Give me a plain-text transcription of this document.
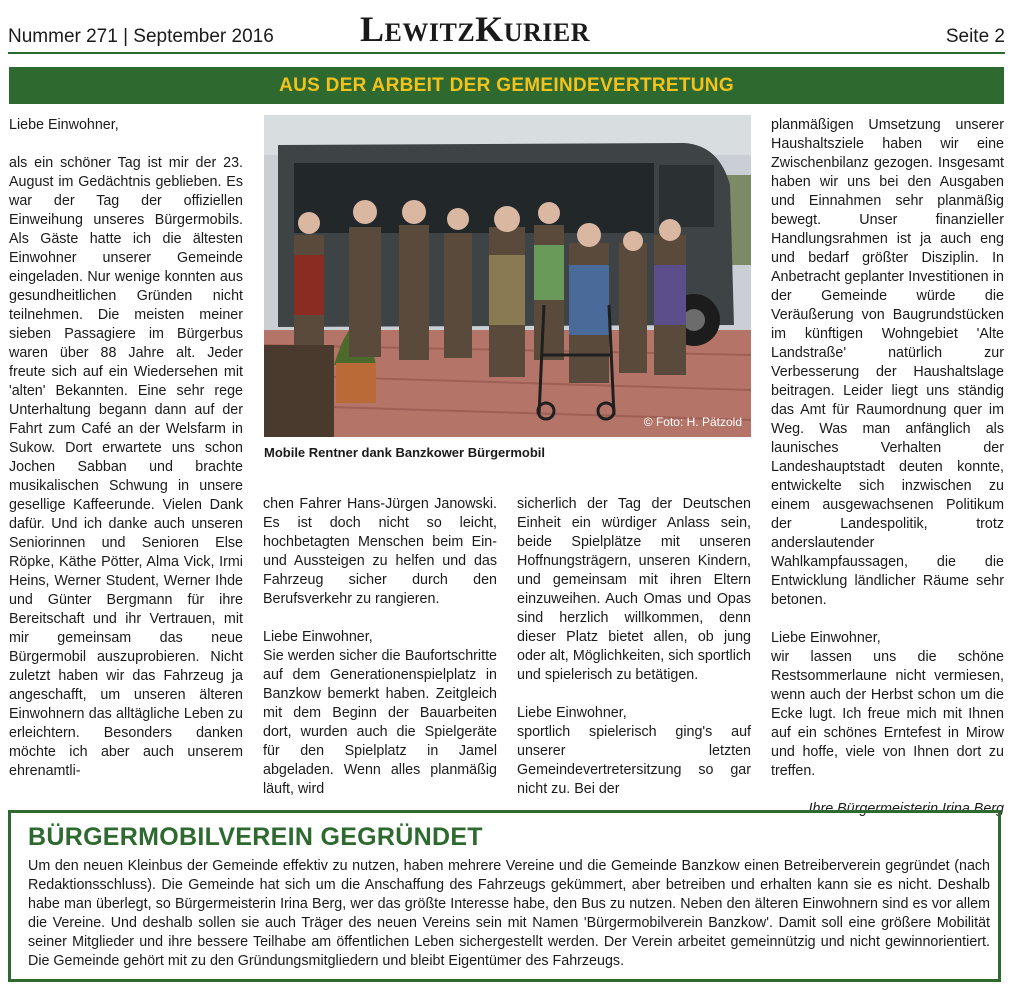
Nummer 271 | September 2016 LEWITZKURIER	Seite 2
AUS DER ARBEIT DER GEMEINDEVERTRETUNG

Liebe Einwohner,

als ein schöner Tag ist mir der 23. August im Gedächtnis geblieben. Es war der Tag der offiziellen Einweihung unseres Bürgermobils. Als Gäste hatte ich die ältesten Einwohner unserer Gemeinde eingeladen. Nur wenige konnten aus gesundheitlichen Gründen nicht teilnehmen. Die meisten meiner sieben Passagiere im Bürgerbus waren über 88 Jahre alt. Jeder freute sich auf ein Wiedersehen mit 'alten' Bekannten. Eine sehr rege Unterhaltung begann dann auf der Fahrt zum Café an der Welsfarm in Sukow. Dort erwartete uns schon Jochen Sabban und brachte musikalischen Schwung in unsere gesellige Kaffeerunde. Vielen Dank dafür. Und ich danke auch unseren Seniorinnen und Senioren Else Röpke, Käthe Pötter, Alma Vick, Irmi Heins, Werner Student, Werner Ihde und Günter Bergmann für ihre Bereitschaft und ihr Vertrauen, mit mir gemeinsam das neue Bürgermobil auszuprobieren. Nicht zuletzt haben wir das Fahrzeug ja angeschafft, um unseren älteren Einwohnern das alltägliche Leben zu erleichtern. Besonders danken möchte ich aber auch unserem ehrenamtli-

© Foto: H. Pätzold
Mobile Rentner dank Banzkower Bürgermobil

chen Fahrer Hans-Jürgen Janowski. Es ist doch nicht so leicht, hochbetagten Menschen beim Ein- und Aussteigen zu helfen und das Fahrzeug sicher durch den Berufsverkehr zu rangieren.

Liebe Einwohner,

Sie werden sicher die Baufortschritte auf dem Generationenspielplatz in Banzkow bemerkt haben. Zeitgleich mit dem Beginn der Bauarbeiten dort, wurden auch die Spielgeräte für den Spielplatz in Jamel abgeladen. Wenn alles planmäßig läuft, wird

sicherlich der Tag der Deutschen Einheit ein würdiger Anlass sein, beide Spielplätze mit unseren Hoffnungsträgern, unseren Kindern, und gemeinsam mit ihren Eltern einzuweihen. Auch Omas und Opas sind herzlich willkommen, denn dieser Platz bietet allen, ob jung oder alt, Möglichkeiten, sich sportlich und spielerisch zu betätigen.

Liebe Einwohner,

sportlich spielerisch ging's auf unserer letzten Gemeindevertretersitzung so gar nicht zu. Bei der

planmäßigen Umsetzung unserer Haushaltsziele haben wir eine Zwischenbilanz gezogen. Insgesamt haben wir uns bei den Ausgaben und Einnahmen sehr planmäßig bewegt. Unser finanzieller Handlungsrahmen ist ja auch eng und bedarf größter Disziplin. In Anbetracht geplanter Investitionen in der Gemeinde würde die Veräußerung von Baugrundstücken im künftigen Wohngebiet 'Alte Landstraße' natürlich zur Verbesserung der Haushaltslage beitragen. Leider liegt uns ständig das Amt für Raumordnung quer im Weg. Was man anfänglich als launisches Verhalten der Landeshauptstadt deuten konnte, entwickelte sich inzwischen zu einem ausgewachsenen Politikum der Landespolitik, trotz anderslautender Wahlkampfaussagen, die die Entwicklung ländlicher Räume sehr betonen.

Liebe Einwohner,

wir lassen uns die schöne Restsommerlaune nicht vermiesen, wenn auch der Herbst schon um die Ecke lugt. Ich freue mich mit Ihnen auf ein schönes Erntefest in Mirow und hoffe, viele von Ihnen dort zu treffen.

Ihre Bürgermeisterin Irina Berg

BÜRGERMOBILVEREIN GEGRÜNDET
Um den neuen Kleinbus der Gemeinde effektiv zu nutzen, haben mehrere Vereine und die Gemeinde Banzkow einen Betreiberverein gegründet (nach Redaktionsschluss). Die Gemeinde hat sich um die Anschaffung des Fahrzeugs gekümmert, aber betreiben und erhalten kann sie es nicht. Deshalb habe man überlegt, so Bürgermeisterin Irina Berg, wer das größte Interesse habe, den Bus zu nutzen. Neben den älteren Einwohnern sind es vor allem die Vereine. Und deshalb sollen sie auch Träger des neuen Vereins sein mit Namen 'Bürgermobilverein Banzkow'. Damit soll eine größere Mobilität seiner Mitglieder und ihre bessere Teilhabe am öffentlichen Leben sichergestellt werden. Der Verein arbeitet gemeinnützig und nicht gewinnorientiert. Die Gemeinde gehört mit zu den Gründungsmitgliedern und bleibt Eigentümer des Fahrzeugs.
